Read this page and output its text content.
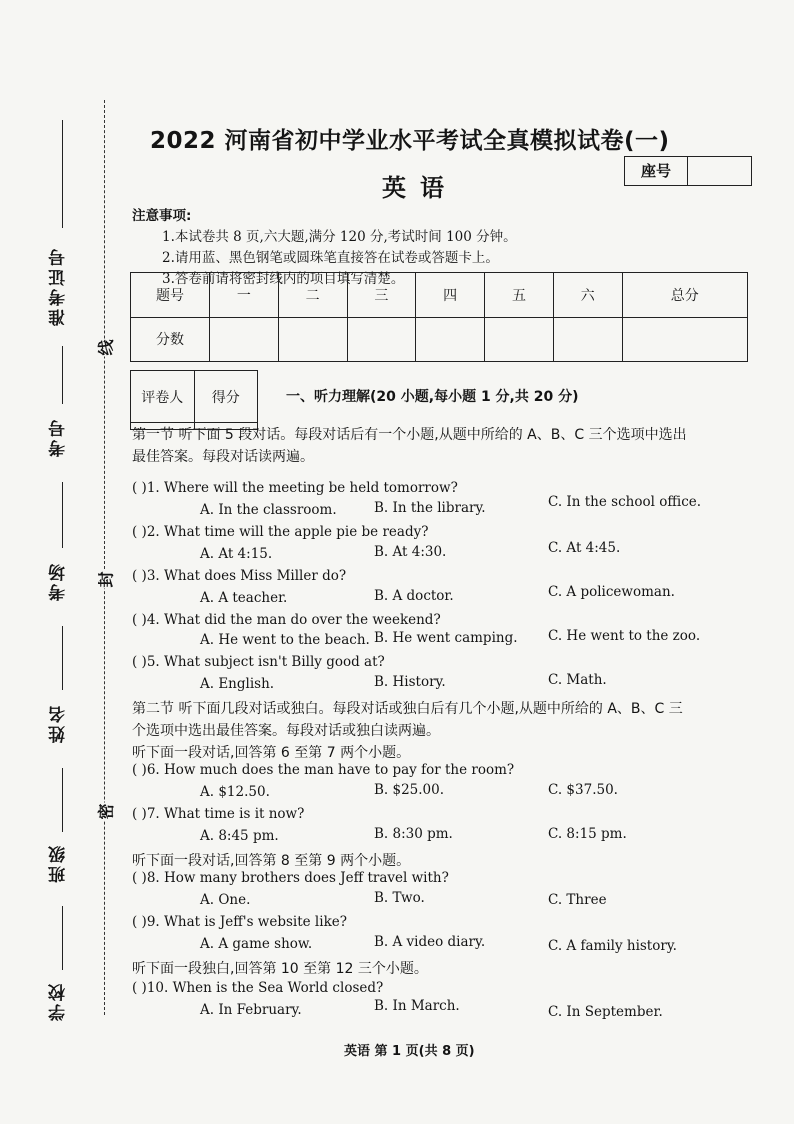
准考证号
考号
考场
姓名
班级
学校
线
封
密
2022 河南省初中学业水平考试全真模拟试卷(一)
英语
座号
注意事项:
1.本试卷共 8 页,六大题,满分 120 分,考试时间 100 分钟。
2.请用蓝、黑色钢笔或圆珠笔直接答在试卷或答题卡上。
3.答卷前请将密封线内的项目填写清楚。
题号	一	二	三	四	五	六	总分
分数							
评卷人	得分
		一、听力理解(20 小题,每小题 1 分,共 20 分)
第一节 听下面 5 段对话。每段对话后有一个小题,从题中所给的 A、B、C 三个选项中选出
最佳答案。每段对话读两遍。
( )1. Where will the meeting be held tomorrow?
A. In the classroom.	B. In the library.	C. In the school office.
( )2. What time will the apple pie be ready?
A. At 4:15.	B. At 4:30.	C. At 4:45.
( )3. What does Miss Miller do?
A. A teacher.	B. A doctor.	C. A policewoman.
( )4. What did the man do over the weekend?
A. He went to the beach. B. He went camping. C. He went to the zoo.
( )5. What subject isn't Billy good at?
A. English.	B. History.	C. Math.
第二节 听下面几段对话或独白。每段对话或独白后有几个小题,从题中所给的 A、B、C 三
个选项中选出最佳答案。每段对话或独白读两遍。
听下面一段对话,回答第 6 至第 7 两个小题。
( )6. How much does the man have to pay for the room?
A. $12.50.	B. $25.00.	C. $37.50.
( )7. What time is it now?
A. 8:45 pm.	B. 8:30 pm.	C. 8:15 pm.
听下面一段对话,回答第 8 至第 9 两个小题。
( )8. How many brothers does Jeff travel with?
A. One.	B. Two.	C. Three
( )9. What is Jeff's website like?
A. A game show.	B. A video diary.	C. A family history.
听下面一段独白,回答第 10 至第 12 三个小题。
( )10. When is the Sea World closed?
A. In February.	B. In March.	C. In September.
英语 第 1 页(共 8 页)
